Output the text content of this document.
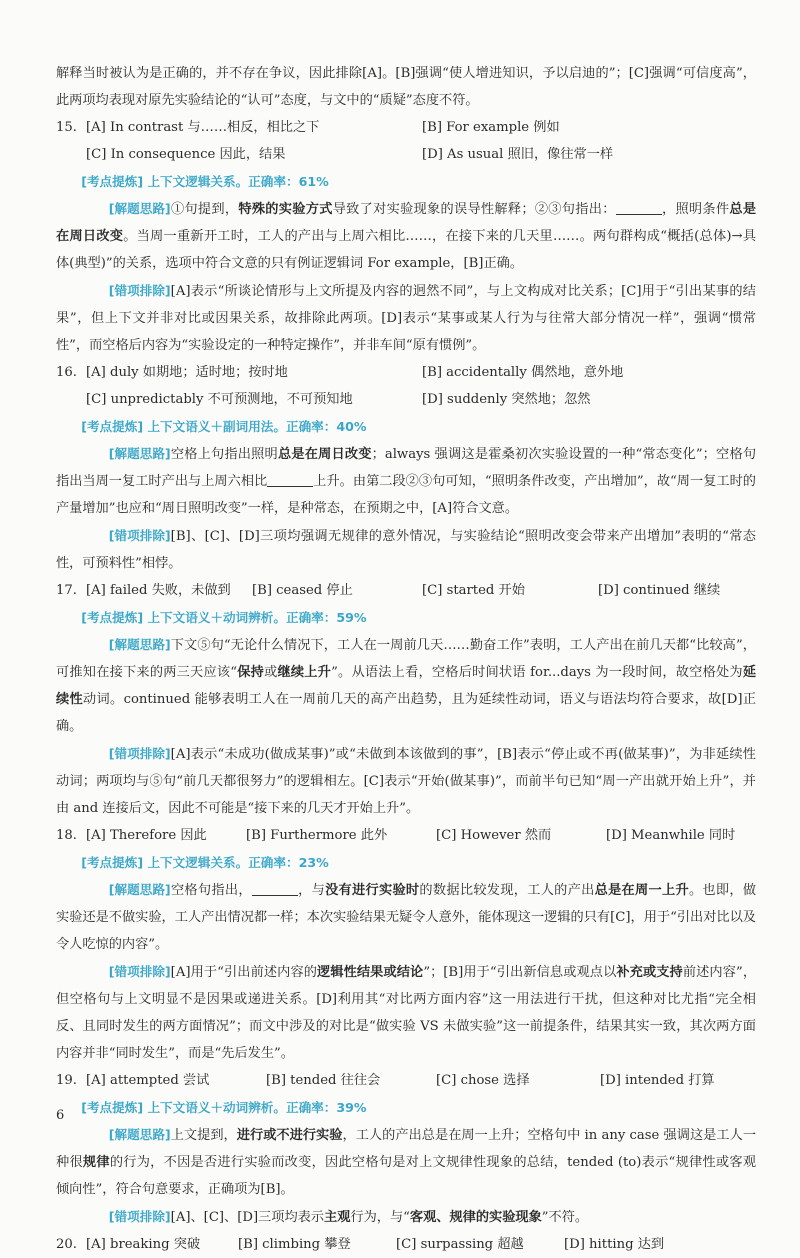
解释当时被认为是正确的，并不存在争议，因此排除[A]。[B]强调“使人增进知识，予以启迪的”；[C]强调“可信度高”，此两项均表现对原先实验结论的“认可”态度，与文中的“质疑”态度不符。

15. [A] In contrast 与……相反，相比之下	[B] For example 例如
[C] In consequence 因此，结果	[D] As usual 照旧，像往常一样
[考点提炼] 上下文逻辑关系。正确率：61%

[解题思路]①句提到，特殊的实验方式导致了对实验现象的误导性解释；②③句指出：	，照明条件总是在周日改变。当周一重新开工时，工人的产出与上周六相比……，在接下来的几天里……。两句群构成“概括(总体)→具体(典型)”的关系，选项中符合文意的只有例证逻辑词 For example，[B]正确。

[错项排除][A]表示“所谈论情形与上文所提及内容的迥然不同”，与上文构成对比关系；[C]用于“引出某事的结果”，但上下文并非对比或因果关系，故排除此两项。[D]表示“某事或某人行为与往常大部分情况一样”，强调“惯常性”，而空格后内容为“实验设定的一种特定操作”，并非车间“原有惯例”。

16. [A] duly 如期地；适时地；按时地	[B] accidentally 偶然地，意外地
[C] unpredictably 不可预测地，不可预知地	[D] suddenly 突然地；忽然
[考点提炼] 上下文语义＋副词用法。正确率：40%

[解题思路]空格上句指出照明总是在周日改变；always 强调这是霍桑初次实验设置的一种“常态变化”；空格句指出当周一复工时产出与上周六相比	上升。由第二段②③句可知，“照明条件改变，产出增加”，故“周一复工时的产量增加”也应和“周日照明改变”一样，是种常态，在预期之中，[A]符合文意。

[错项排除][B]、[C]、[D]三项均强调无规律的意外情况，与实验结论“照明改变会带来产出增加”表明的“常态性，可预料性”相悖。

17. [A] failed 失败，未做到	[B] ceased 停止	[C] started 开始	[D] continued 继续
[考点提炼] 上下文语义＋动词辨析。正确率：59%

[解题思路]下文⑤句“无论什么情况下，工人在一周前几天……勤奋工作”表明，工人产出在前几天都“比较高”，可推知在接下来的两三天应该“保持或继续上升”。从语法上看，空格后时间状语 for...days 为一段时间，故空格处为延续性动词。continued 能够表明工人在一周前几天的高产出趋势，且为延续性动词，语义与语法均符合要求，故[D]正确。

[错项排除][A]表示“未成功(做成某事)”或“未做到本该做到的事”，[B]表示“停止或不再(做某事)”，为非延续性动词；两项均与⑤句“前几天都很努力”的逻辑相左。[C]表示“开始(做某事)”，而前半句已知“周一产出就开始上升”，并由 and 连接后文，因此不可能是“接下来的几天才开始上升”。

18. [A] Therefore 因此	[B] Furthermore 此外	[C] However 然而	[D] Meanwhile 同时
[考点提炼] 上下文逻辑关系。正确率：23%

[解题思路]空格句指出，	，与没有进行实验时的数据比较发现，工人的产出总是在周一上升。也即，做实验还是不做实验，工人产出情况都一样；本次实验结果无疑令人意外，能体现这一逻辑的只有[C]，用于“引出对比以及令人吃惊的内容”。

[错项排除][A]用于“引出前述内容的逻辑性结果或结论”；[B]用于“引出新信息或观点以补充或支持前述内容”，但空格句与上文明显不是因果或递进关系。[D]利用其“对比两方面内容”这一用法进行干扰，但这种对比尤指“完全相反、且同时发生的两方面情况”；而文中涉及的对比是“做实验 VS 未做实验”这一前提条件，结果其实一致，其次两方面内容并非“同时发生”，而是“先后发生”。

19. [A] attempted 尝试	[B] tended 往往会	[C] chose 选择	[D] intended 打算
[考点提炼] 上下文语义＋动词辨析。正确率：39%

[解题思路]上文提到，进行或不进行实验，工人的产出总是在周一上升；空格句中 in any case 强调这是工人一种很规律的行为，不因是否进行实验而改变，因此空格句是对上文规律性现象的总结，tended (to)表示“规律性或客观倾向性”，符合句意要求，正确项为[B]。

[错项排除][A]、[C]、[D]三项均表示主观行为，与“客观、规律的实验现象”不符。

20. [A] breaking 突破	[B] climbing 攀登	[C] surpassing 超越	[D] hitting 达到
6
